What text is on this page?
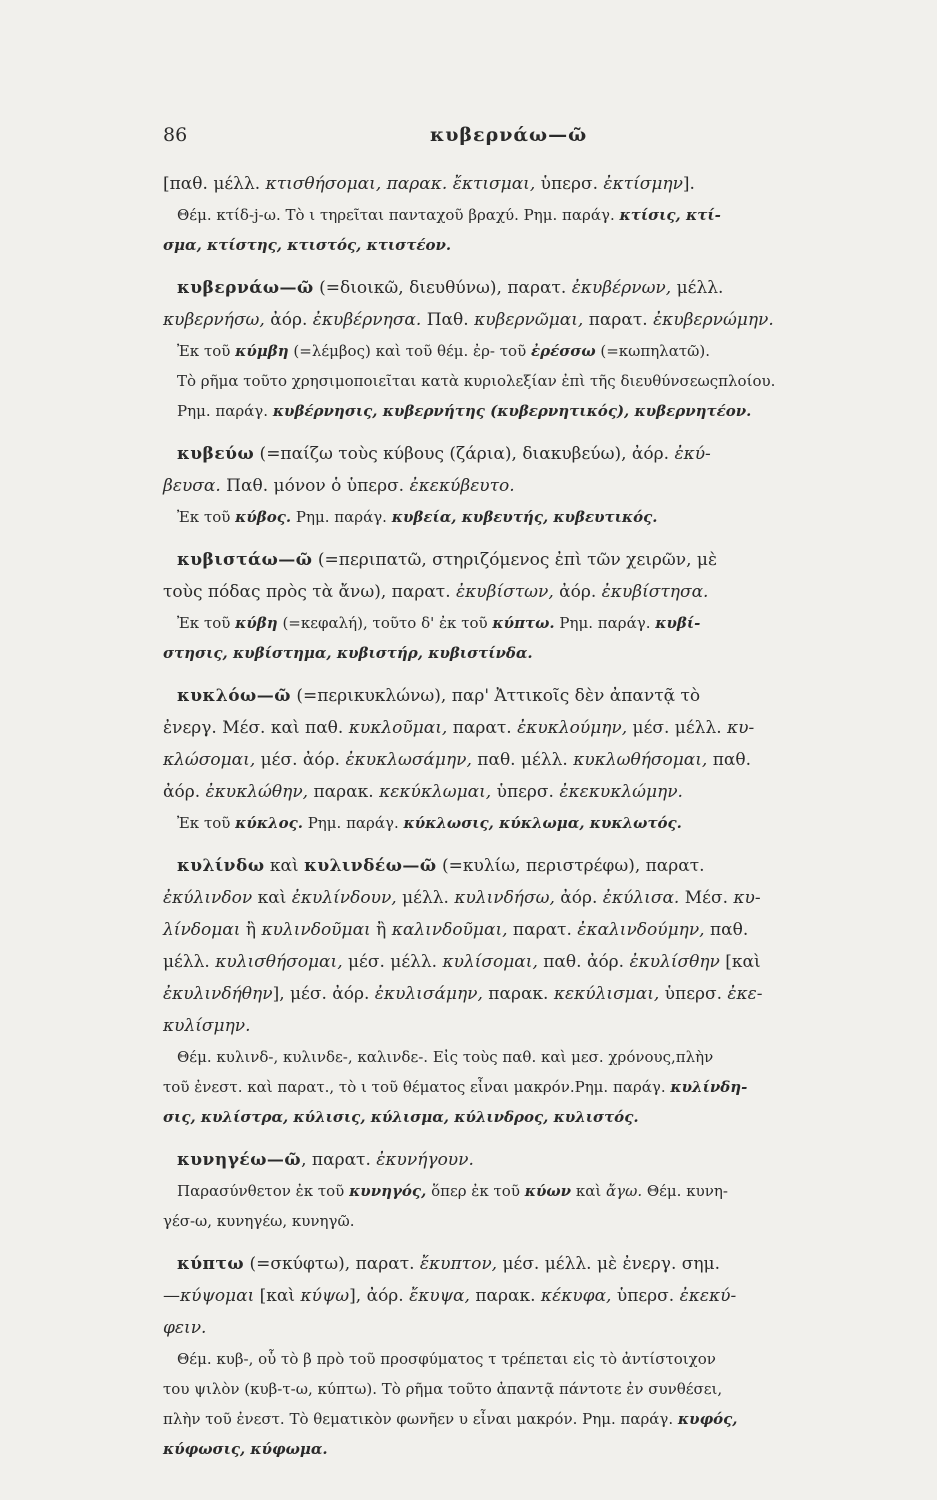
86	κυβερνάω—ῶ

[παθ. μέλλ. κτισθήσομαι, παρακ. ἔκτισμαι, ὑπερσ. ἐκτίσμην].

Θέμ. κτίδ-j-ω. Τὸ ι τηρεῖται πανταχοῦ βραχύ. Ρημ. παράγ. κτίσις, κτί-

σμα, κτίστης, κτιστός, κτιστέον.

κυβερνάω—ῶ (=διοικῶ, διευθύνω), παρατ. ἐκυβέρνων, μέλλ.

κυβερνήσω, ἀόρ. ἐκυβέρνησα. Παθ. κυβερνῶμαι, παρατ. ἐκυβερνώμην.

Ἐκ τοῦ κύμβη (=λέμβος) καὶ τοῦ θέμ. ἐρ- τοῦ ἐρέσσω (=κωπηλατῶ).

Τὸ ρῆμα τοῦτο χρησιμοποιεῖται κατὰ κυριολεξίαν ἐπὶ τῆς διευθύνσεωςπλοίου.

Ρημ. παράγ. κυβέρνησις, κυβερνήτης (κυβερνητικός), κυβερνητέον.

κυβεύω (=παίζω τοὺς κύβους (ζάρια), διακυβεύω), ἀόρ. ἐκύ-

βευσα. Παθ. μόνον ὁ ὑπερσ. ἐκεκύβευτο.

Ἐκ τοῦ κύβος. Ρημ. παράγ. κυβεία, κυβευτής, κυβευτικός.

κυβιστάω—ῶ (=περιπατῶ, στηριζόμενος ἐπὶ τῶν χειρῶν, μὲ

τοὺς πόδας πρὸς τὰ ἄνω), παρατ. ἐκυβίστων, ἀόρ. ἐκυβίστησα.

Ἐκ τοῦ κύβη (=κεφαλή), τοῦτο δ' ἐκ τοῦ κύπτω. Ρημ. παράγ. κυβί-

στησις, κυβίστημα, κυβιστήρ, κυβιστίνδα.

κυκλόω—ῶ (=περικυκλώνω), παρ' Ἀττικοῖς δὲν ἀπαντᾷ τὸ

ἐνεργ. Μέσ. καὶ παθ. κυκλοῦμαι, παρατ. ἐκυκλούμην, μέσ. μέλλ. κυ-

κλώσομαι, μέσ. ἀόρ. ἐκυκλωσάμην, παθ. μέλλ. κυκλωθήσομαι, παθ.

ἀόρ. ἐκυκλώθην, παρακ. κεκύκλωμαι, ὑπερσ. ἐκεκυκλώμην.

Ἐκ τοῦ κύκλος. Ρημ. παράγ. κύκλωσις, κύκλωμα, κυκλωτός.

κυλίνδω καὶ κυλινδέω—ῶ (=κυλίω, περιστρέφω), παρατ.

ἐκύλινδον καὶ ἐκυλίνδουν, μέλλ. κυλινδήσω, ἀόρ. ἐκύλισα. Μέσ. κυ-

λίνδομαι ἢ κυλινδοῦμαι ἢ καλινδοῦμαι, παρατ. ἐκαλινδούμην, παθ.

μέλλ. κυλισθήσομαι, μέσ. μέλλ. κυλίσομαι, παθ. ἀόρ. ἐκυλίσθην [καὶ

ἐκυλινδήθην], μέσ. ἀόρ. ἐκυλισάμην, παρακ. κεκύλισμαι, ὑπερσ. ἐκε-

κυλίσμην.

Θέμ. κυλινδ-, κυλινδε-, καλινδε-. Εἰς τοὺς παθ. καὶ μεσ. χρόνους,πλὴν

τοῦ ἐνεστ. καὶ παρατ., τὸ ι τοῦ θέματος εἶναι μακρόν.Ρημ. παράγ. κυλίνδη-

σις, κυλίστρα, κύλισις, κύλισμα, κύλινδρος, κυλιστός.

κυνηγέω—ῶ, παρατ. ἐκυνήγουν.

Παρασύνθετον ἐκ τοῦ κυνηγός, ὅπερ ἐκ τοῦ κύων καὶ ἄγω. Θέμ. κυνη-

γέσ-ω, κυνηγέω, κυνηγῶ.

κύπτω (=σκύφτω), παρατ. ἔκυπτον, μέσ. μέλλ. μὲ ἐνεργ. σημ.

—κύψομαι [καὶ κύψω], ἀόρ. ἔκυψα, παρακ. κέκυφα, ὑπερσ. ἐκεκύ-

φειν.

Θέμ. κυβ-, οὗ τὸ β πρὸ τοῦ προσφύματος τ τρέπεται εἰς τὸ ἀντίστοιχον

του ψιλὸν (κυβ-τ-ω, κύπτω). Τὸ ρῆμα τοῦτο ἀπαντᾷ πάντοτε ἐν συνθέσει,

πλὴν τοῦ ἐνεστ. Τὸ θεματικὸν φωνῆεν υ εἶναι μακρόν. Ρημ. παράγ. κυφός,

κύφωσις, κύφωμα.
